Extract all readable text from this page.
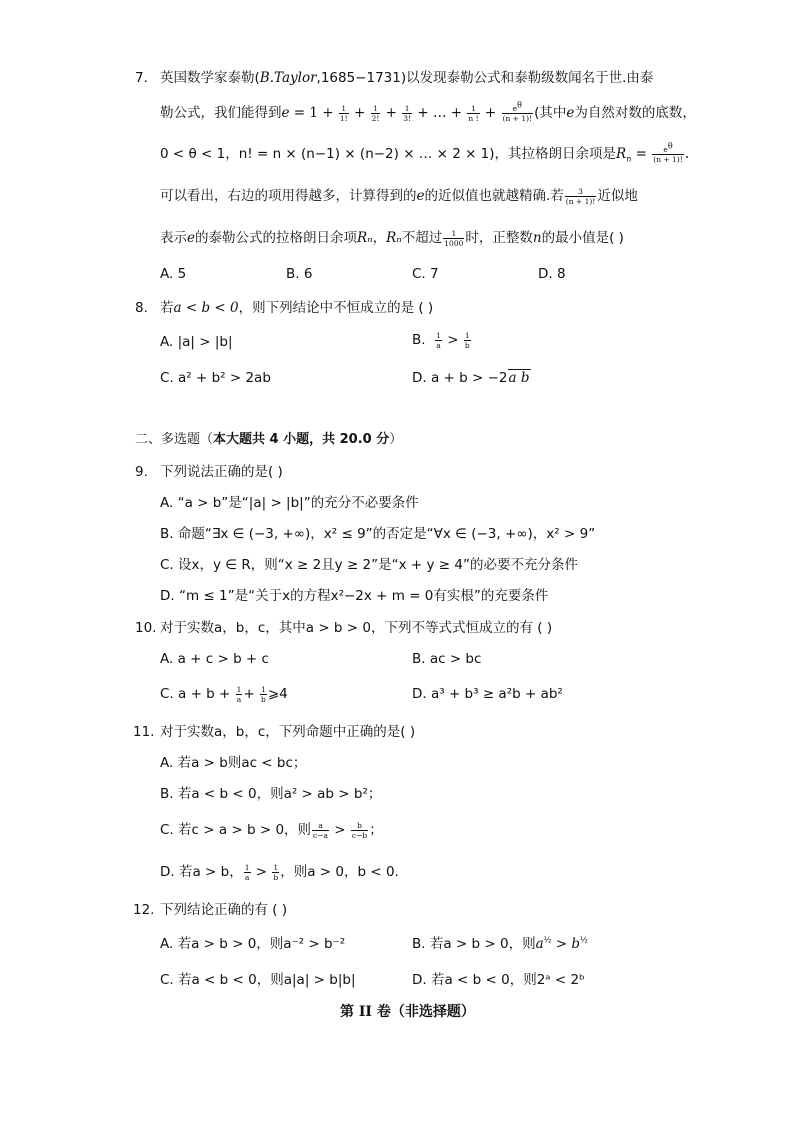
7. 英国数学家泰勒(B.Taylor,1685−1731)以发现泰勒公式和泰勒级数闻名于世.由泰
勒公式，我们能得到$e = 1 + \frac{1}{1!} + \frac{1}{2!} + \frac{1}{3!}$ + … + $\frac{1}{n !} + \frac{e^\theta}{(n + 1)!}$ (其中e为自然对数的底数，
0 < θ < 1，n! = n × (n−1) × (n−2) × … × 2 × 1)，其拉格朗日余项是$R_n = \frac{e^\theta}{(n + 1)!}$ .
可以看出，右边的项用得越多，计算得到的e的近似值也就越精确.若 $\frac{3}{(n + 1)!}$ 近似地
表示e的泰勒公式的拉格朗日余项Rₙ，Rₙ不超过 $\frac{1}{1000}$ 时，正整数n的最小值是( )
A. 5	B. 6	C. 7	D. 8
8. 若a < b < 0，则下列结论中不恒成立的是 ( )
A. |a| > |b|	B. $\frac{1}{a} > \frac{1}{b}$
C. a² + b² > 2ab	D. a + b > −2a b
二、多选题（本大题共 4 小题，共 20.0 分）
9. 下列说法正确的是( )
A. “a > b”是“|a| > |b|”的充分不必要条件
B. 命题“∃x ∈ (−3, +∞)，x² ≤ 9”的否定是“∀x ∈ (−3, +∞)，x² > 9”
C. 设x，y ∈ R，则“x ≥ 2且y ≥ 2”是“x + y ≥ 4”的必要不充分条件
D. “m ≤ 1”是“关于x的方程x²−2x + m = 0有实根”的充要条件
10. 对于实数a，b，c，其中a > b > 0，下列不等式式恒成立的有 ( )
A. a + c > b + c	B. ac > bc
C. $a + b + \frac{1}{a} + \frac{1}{b}$ ⩾4	D. a³ + b³ ≥ a²b + ab²
11. 对于实数a，b，c，下列命题中正确的是( )
A. 若a > b则ac < bc；
B. 若a < b < 0，则a² > ab > b²；
C. 若c > a > b > 0，则 $\frac{a}{c-a} > \frac{b}{c-b}$ ；
D. 若a > b， $\frac{1}{a} > \frac{1}{b}$ ，则a > 0，b < 0.
12. 下列结论正确的有 ( )
A. 若a > b > 0，则a⁻² > b⁻²	B. 若a > b > 0，则$a^{\frac{1}{2}} > b^{\frac{1}{2}}$
C. 若a < b < 0，则a|a| > b|b|	D. 若a < b < 0，则2ᵃ < 2ᵇ
第 II 卷（非选择题）
